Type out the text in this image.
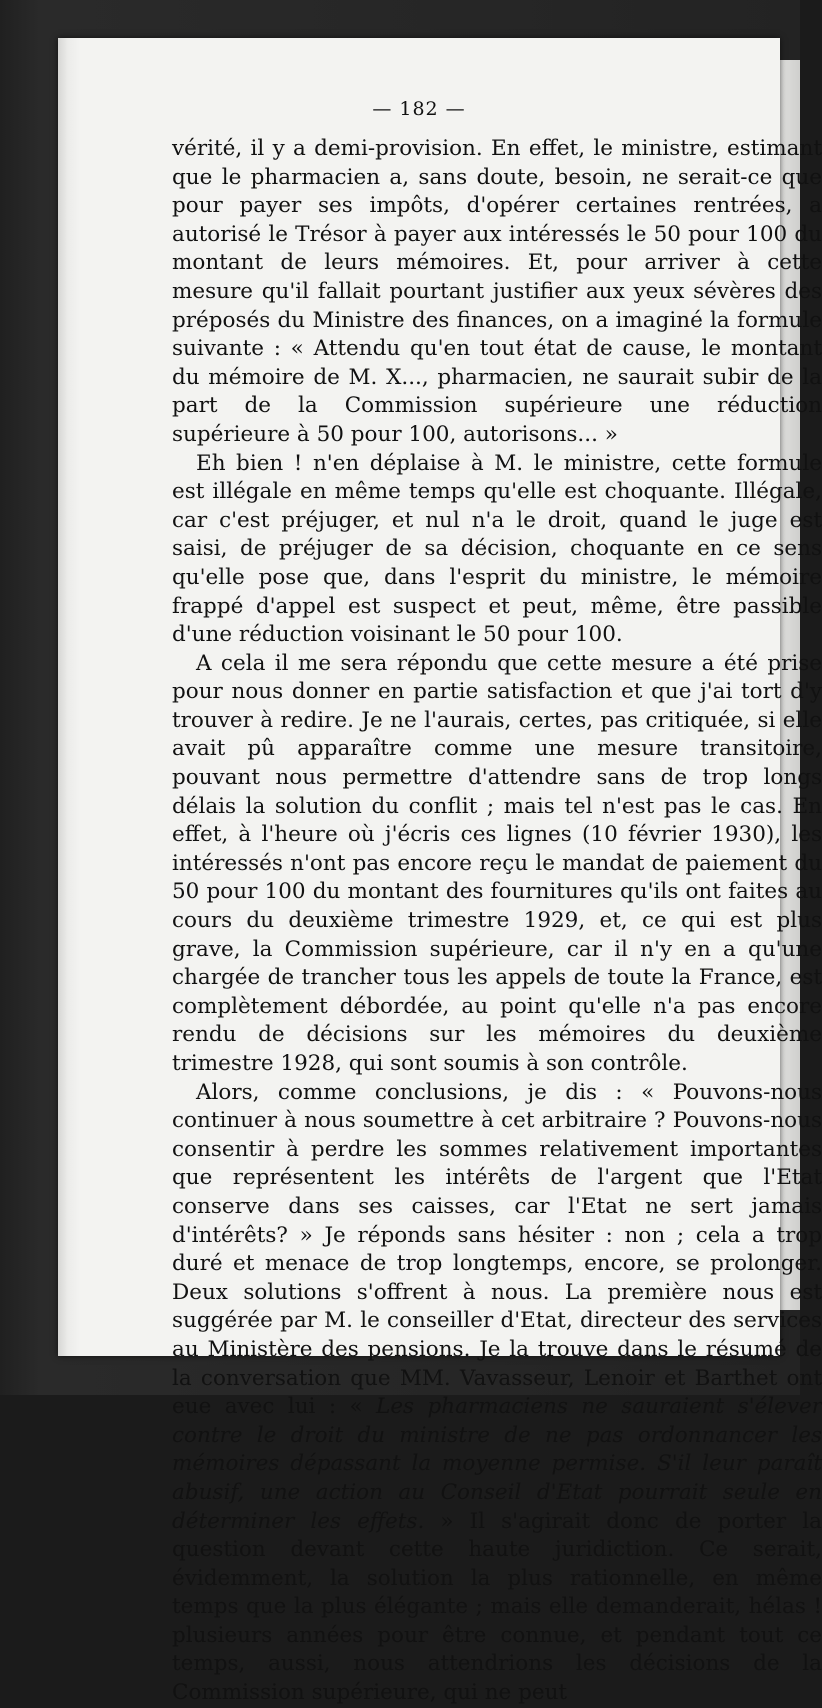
— 182 —

vérité, il y a demi-provision. En effet, le ministre, estimant que le pharmacien a, sans doute, besoin, ne serait-ce que pour payer ses impôts, d'opérer certaines rentrées, a autorisé le Trésor à payer aux intéressés le 50 pour 100 du montant de leurs mémoires. Et, pour arriver à cette mesure qu'il fallait pourtant justifier aux yeux sévères des préposés du Ministre des finances, on a imaginé la formule suivante : « Attendu qu'en tout état de cause, le montant du mémoire de M. X..., pharmacien, ne saurait subir de la part de la Commission supérieure une réduction supérieure à 50 pour 100, autorisons... »

Eh bien ! n'en déplaise à M. le ministre, cette formule est illégale en même temps qu'elle est choquante. Illégale, car c'est préjuger, et nul n'a le droit, quand le juge est saisi, de préjuger de sa décision, choquante en ce sens qu'elle pose que, dans l'esprit du ministre, le mémoire frappé d'appel est suspect et peut, même, être passible d'une réduction voisinant le 50 pour 100.

A cela il me sera répondu que cette mesure a été prise pour nous donner en partie satisfaction et que j'ai tort d'y trouver à redire. Je ne l'aurais, certes, pas critiquée, si elle avait pû apparaître comme une mesure transitoire, pouvant nous permettre d'attendre sans de trop longs délais la solution du conflit ; mais tel n'est pas le cas. En effet, à l'heure où j'écris ces lignes (10 février 1930), les intéressés n'ont pas encore reçu le mandat de paiement du 50 pour 100 du montant des fournitures qu'ils ont faites au cours du deuxième trimestre 1929, et, ce qui est plus grave, la Commission supérieure, car il n'y en a qu'une chargée de trancher tous les appels de toute la France, est complètement débordée, au point qu'elle n'a pas encore rendu de décisions sur les mémoires du deuxième trimestre 1928, qui sont soumis à son contrôle.

Alors, comme conclusions, je dis : « Pouvons-nous continuer à nous soumettre à cet arbitraire ? Pouvons-nous consentir à perdre les sommes relativement importantes que représentent les intérêts de l'argent que l'Etat conserve dans ses caisses, car l'Etat ne sert jamais d'intérêts? » Je réponds sans hésiter : non ; cela a trop duré et menace de trop longtemps, encore, se prolonger. Deux solutions s'offrent à nous. La première nous est suggérée par M. le conseiller d'Etat, directeur des services au Ministère des pensions. Je la trouve dans le résumé de la conversation que MM. Vavasseur, Lenoir et Barthet ont eue avec lui : « Les pharmaciens ne sauraient s'élever contre le droit du ministre de ne pas ordonnancer les mémoires dépassant la moyenne permise. S'il leur paraît abusif, une action au Conseil d'Etat pourrait seule en déterminer les effets. » Il s'agirait donc de porter la question devant cette haute juridiction. Ce serait, évidemment, la solution la plus rationnelle, en même temps que la plus élégante ; mais elle demanderait, hélas ! plusieurs années pour être connue, et pendant tout ce temps, aussi, nous attendrions les décisions de la Commission supérieure, qui ne peut
